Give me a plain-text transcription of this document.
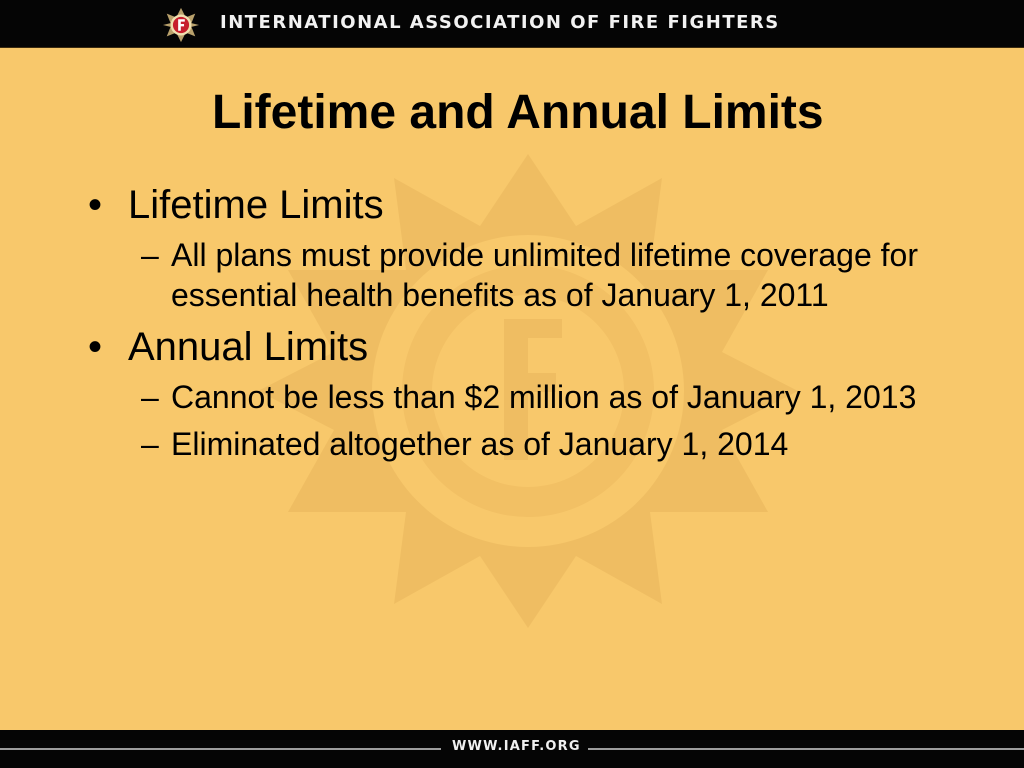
INTERNATIONAL ASSOCIATION OF FIRE FIGHTERS
Lifetime and Annual Limits
• Lifetime Limits
– All plans must provide unlimited lifetime coverage for essential health benefits as of January 1, 2011
• Annual Limits
– Cannot be less than $2 million as of January 1, 2013
– Eliminated altogether as of January 1, 2014
WWW.IAFF.ORG
